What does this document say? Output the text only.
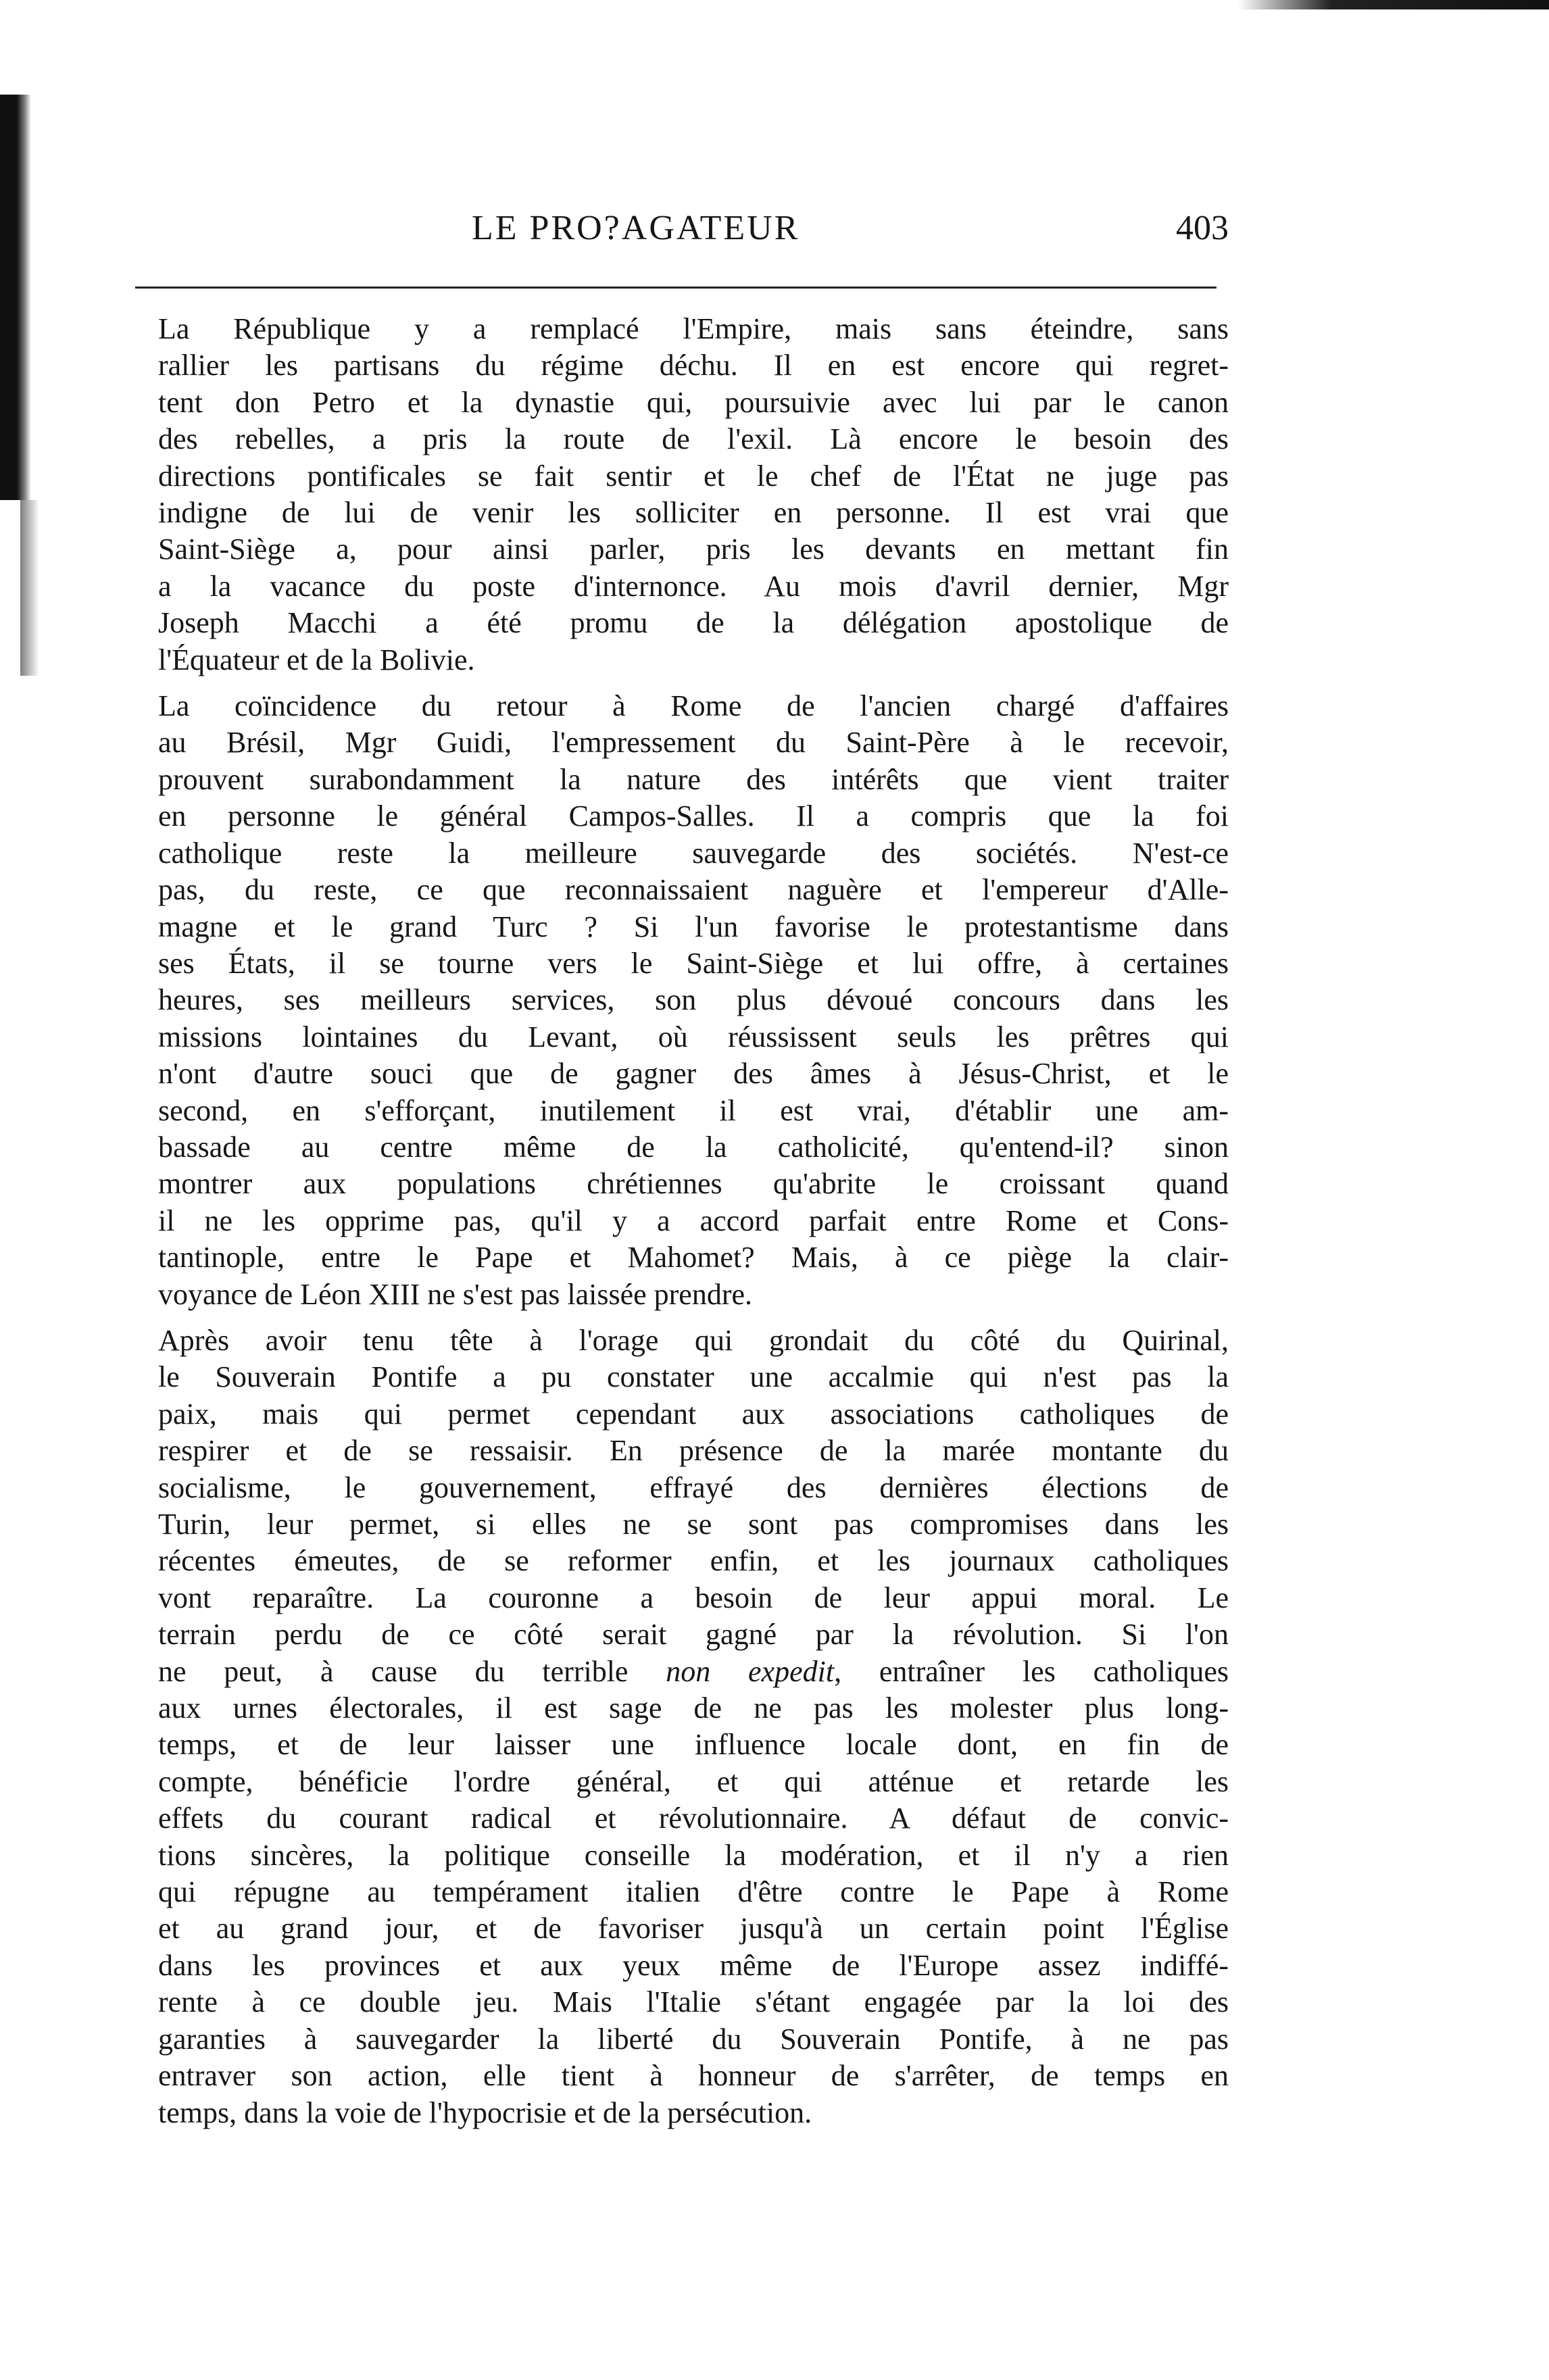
LE PRO?AGATEUR	403

La République y a remplacé l'Empire, mais sans éteindre, sans
rallier les partisans du régime déchu. Il en est encore qui regret-
tent don Petro et la dynastie qui, poursuivie avec lui par le canon
des rebelles, a pris la route de l'exil. Là encore le besoin des
directions pontificales se fait sentir et le chef de l'État ne juge pas
indigne de lui de venir les solliciter en personne. Il est vrai que
Saint-Siège a, pour ainsi parler, pris les devants en mettant fin
a la vacance du poste d'internonce. Au mois d'avril dernier, Mgr
Joseph Macchi a été promu de la délégation apostolique de
l'Équateur et de la Bolivie.

La coïncidence du retour à Rome de l'ancien chargé d'affaires
au Brésil, Mgr Guidi, l'empressement du Saint-Père à le recevoir,
prouvent surabondamment la nature des intérêts que vient traiter
en personne le général Campos-Salles. Il a compris que la foi
catholique reste la meilleure sauvegarde des sociétés. N'est-ce
pas, du reste, ce que reconnaissaient naguère et l'empereur d'Alle-
magne et le grand Turc ? Si l'un favorise le protestantisme dans
ses États, il se tourne vers le Saint-Siège et lui offre, à certaines
heures, ses meilleurs services, son plus dévoué concours dans les
missions lointaines du Levant, où réussissent seuls les prêtres qui
n'ont d'autre souci que de gagner des âmes à Jésus-Christ, et le
second, en s'efforçant, inutilement il est vrai, d'établir une am-
bassade au centre même de la catholicité, qu'entend-il? sinon
montrer aux populations chrétiennes qu'abrite le croissant quand
il ne les opprime pas, qu'il y a accord parfait entre Rome et Cons-
tantinople, entre le Pape et Mahomet? Mais, à ce piège la clair-
voyance de Léon XIII ne s'est pas laissée prendre.

Après avoir tenu tête à l'orage qui grondait du côté du Quirinal,
le Souverain Pontife a pu constater une accalmie qui n'est pas la
paix, mais qui permet cependant aux associations catholiques de
respirer et de se ressaisir. En présence de la marée montante du
socialisme, le gouvernement, effrayé des dernières élections de
Turin, leur permet, si elles ne se sont pas compromises dans les
récentes émeutes, de se reformer enfin, et les journaux catholiques
vont reparaître. La couronne a besoin de leur appui moral. Le
terrain perdu de ce côté serait gagné par la révolution. Si l'on
ne peut, à cause du terrible non expedit, entraîner les catholiques
aux urnes électorales, il est sage de ne pas les molester plus long-
temps, et de leur laisser une influence locale dont, en fin de
compte, bénéficie l'ordre général, et qui atténue et retarde les
effets du courant radical et révolutionnaire. A défaut de convic-
tions sincères, la politique conseille la modération, et il n'y a rien
qui répugne au tempérament italien d'être contre le Pape à Rome
et au grand jour, et de favoriser jusqu'à un certain point l'Église
dans les provinces et aux yeux même de l'Europe assez indiffé-
rente à ce double jeu. Mais l'Italie s'étant engagée par la loi des
garanties à sauvegarder la liberté du Souverain Pontife, à ne pas
entraver son action, elle tient à honneur de s'arrêter, de temps en
temps, dans la voie de l'hypocrisie et de la persécution.
